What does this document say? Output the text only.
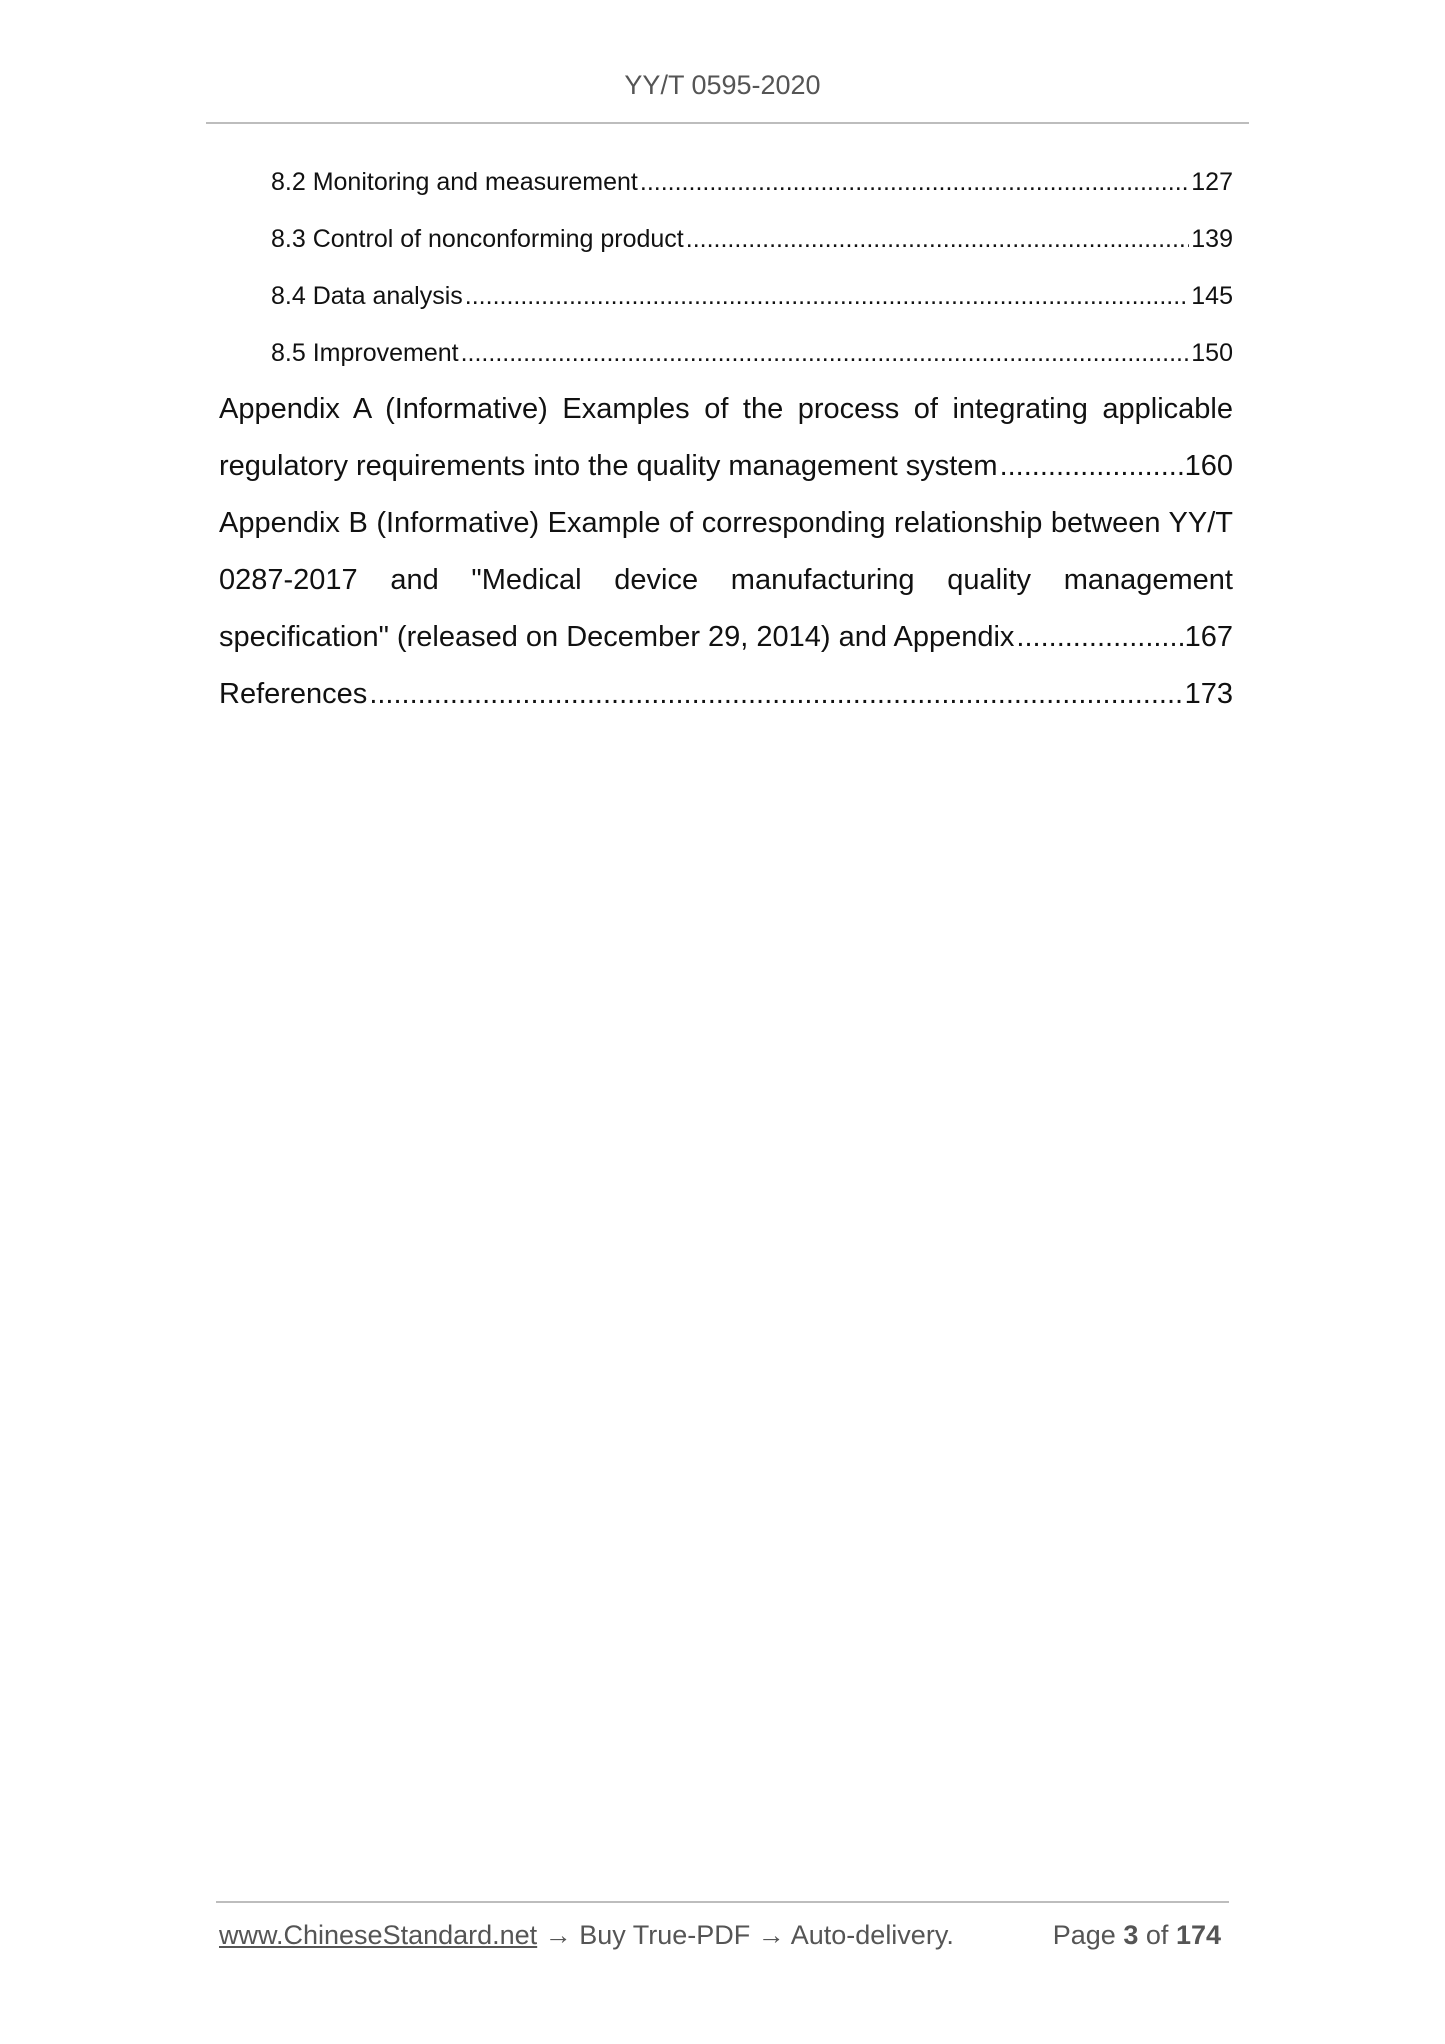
YY/T 0595-2020
8.2 Monitoring and measurement .....	127
8.3 Control of nonconforming product .....	139
8.4 Data analysis .....	145
8.5 Improvement .....	150
Appendix A (Informative) Examples of the process of integrating applicable
regulatory requirements into the quality management system .....	160
Appendix B (Informative) Example of corresponding relationship between YY/T
0287-2017 and "Medical device manufacturing quality management
specification" (released on December 29, 2014) and Appendix .....	167
References .....	173
www.ChineseStandard.net → Buy True-PDF → Auto-delivery.	Page 3 of 174
